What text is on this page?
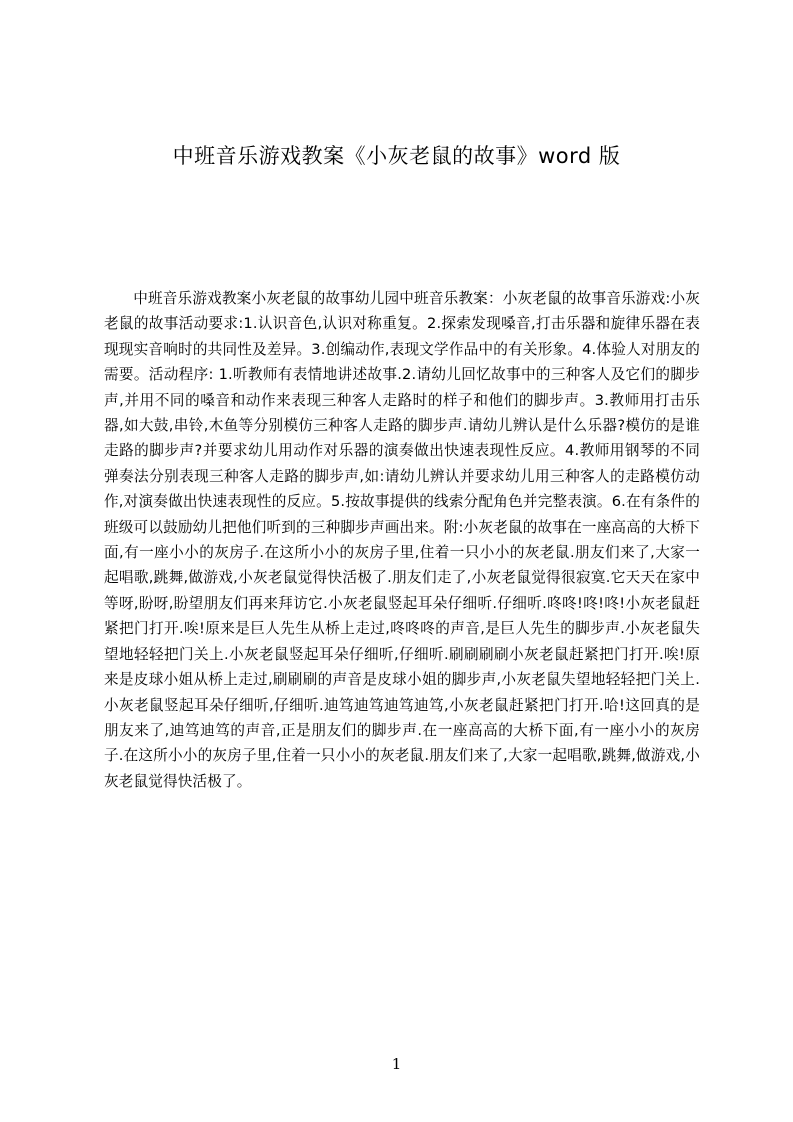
中班音乐游戏教案《小灰老鼠的故事》word 版

中班音乐游戏教案小灰老鼠的故事幼儿园中班音乐教案：小灰老鼠的故事音乐游戏:小灰老鼠的故事活动要求:1.认识音色,认识对称重复。2.探索发现嗓音,打击乐器和旋律乐器在表现现实音响时的共同性及差异。3.创编动作,表现文学作品中的有关形象。4.体验人对朋友的需要。活动程序: 1.听教师有表情地讲述故事.2.请幼儿回忆故事中的三种客人及它们的脚步声,并用不同的嗓音和动作来表现三种客人走路时的样子和他们的脚步声。3.教师用打击乐器,如大鼓,串铃,木鱼等分别模仿三种客人走路的脚步声.请幼儿辨认是什么乐器?模仿的是谁走路的脚步声?并要求幼儿用动作对乐器的演奏做出快速表现性反应。4.教师用钢琴的不同弹奏法分别表现三种客人走路的脚步声,如:请幼儿辨认并要求幼儿用三种客人的走路模仿动作,对演奏做出快速表现性的反应。5.按故事提供的线索分配角色并完整表演。6.在有条件的班级可以鼓励幼儿把他们听到的三种脚步声画出来。附:小灰老鼠的故事在一座高高的大桥下面,有一座小小的灰房子.在这所小小的灰房子里,住着一只小小的灰老鼠.朋友们来了,大家一起唱歌,跳舞,做游戏,小灰老鼠觉得快活极了.朋友们走了,小灰老鼠觉得很寂寞.它天天在家中等呀,盼呀,盼望朋友们再来拜访它.小灰老鼠竖起耳朵仔细听.仔细听.咚咚!咚!咚!小灰老鼠赶紧把门打开.唉!原来是巨人先生从桥上走过,咚咚咚的声音,是巨人先生的脚步声.小灰老鼠失望地轻轻把门关上.小灰老鼠竖起耳朵仔细听,仔细听.刷刷刷刷小灰老鼠赶紧把门打开.唉!原来是皮球小姐从桥上走过,刷刷刷的声音是皮球小姐的脚步声,小灰老鼠失望地轻轻把门关上.小灰老鼠竖起耳朵仔细听,仔细听.迪笃迪笃迪笃迪笃,小灰老鼠赶紧把门打开.哈!这回真的是朋友来了,迪笃迪笃的声音,正是朋友们的脚步声.在一座高高的大桥下面,有一座小小的灰房子.在这所小小的灰房子里,住着一只小小的灰老鼠.朋友们来了,大家一起唱歌,跳舞,做游戏,小灰老鼠觉得快活极了。

1
